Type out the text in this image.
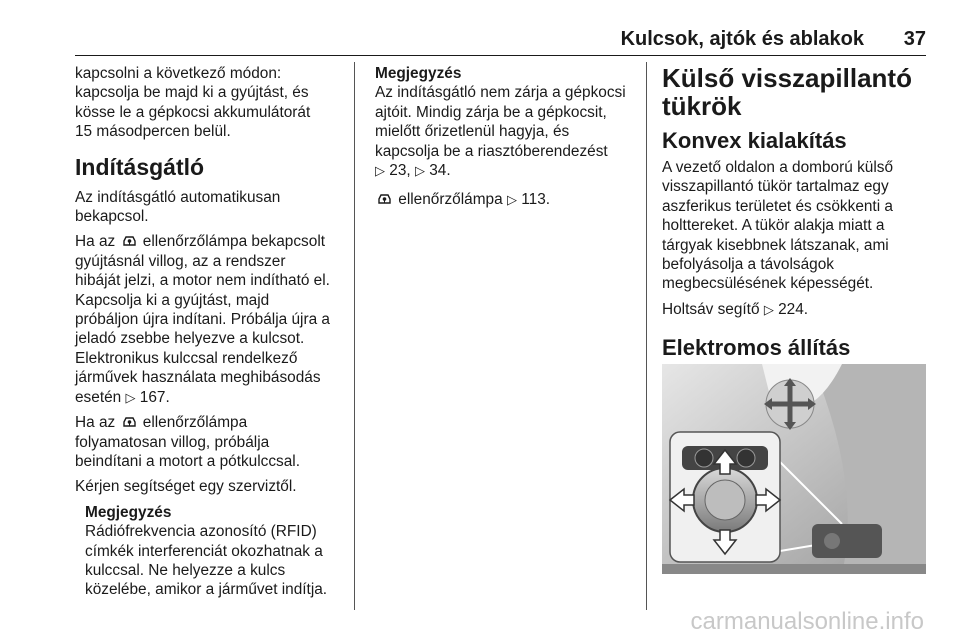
Kulcsok, ajtók és ablakok 37

kapcsolni a következő módon:
kapcsolja be majd ki a gyújtást, és
kösse le a gépkocsi akkumulátorát
15 másodpercen belül.

Indításgátló

Az indításgátló automatikusan
bekapcsol.

Ha az ellenőrzőlámpa bekapcsolt
gyújtásnál villog, az a rendszer
hibáját jelzi, a motor nem indítható el.
Kapcsolja ki a gyújtást, majd
próbáljon újra indítani. Próbálja újra a
jeladó zsebbe helyezve a kulcsot.
Elektronikus kulccsal rendelkező
járművek használata meghibásodás
esetén ▷ 167.

Ha az ellenőrzőlámpa
folyamatosan villog, próbálja
beindítani a motort a pótkulccsal.

Kérjen segítséget egy szerviztől.

Megjegyzés
Rádiófrekvencia azonosító (RFID)
címkék interferenciát okozhatnak a
kulccsal. Ne helyezze a kulcs
közelébe, amikor a járművet indítja.
Megjegyzés
Az indításgátló nem zárja a gépkocsi
ajtóit. Mindig zárja be a gépkocsit,
mielőtt őrizetlenül hagyja, és
kapcsolja be a riasztóberendezést
▷ 23, ▷ 34.

ellenőrzőlámpa ▷ 113.

Külső visszapillantó
tükrök
Konvex kialakítás

A vezető oldalon a domború külső
visszapillantó tükör tartalmaz egy
aszferikus területet és csökkenti a
holttereket. A tükör alakja miatt a
tárgyak kisebbnek látszanak, ami
befolyásolja a távolságok
megbecsülésének képességét.

Holtsáv segítő ▷ 224.

Elektromos állítás
carmanualsonline.info
